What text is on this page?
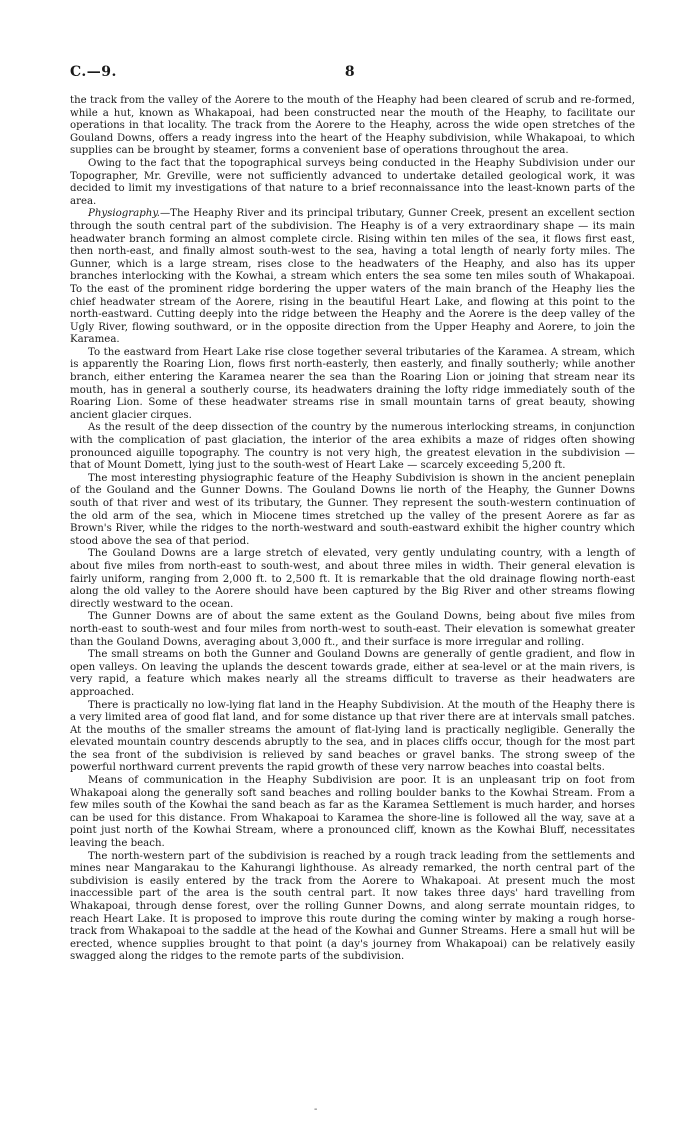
C.—9.	8

the track from the valley of the Aorere to the mouth of the Heaphy had been cleared of scrub and re-formed, while a hut, known as Whakapoai, had been constructed near the mouth of the Heaphy, to facilitate our operations in that locality. The track from the Aorere to the Heaphy, across the wide open stretches of the Gouland Downs, offers a ready ingress into the heart of the Heaphy subdivision, while Whakapoai, to which supplies can be brought by steamer, forms a convenient base of operations throughout the area.

Owing to the fact that the topographical surveys being conducted in the Heaphy Subdivision under our Topographer, Mr. Greville, were not sufficiently advanced to undertake detailed geological work, it was decided to limit my investigations of that nature to a brief reconnaissance into the least-known parts of the area.

Physiography.—The Heaphy River and its principal tributary, Gunner Creek, present an excellent section through the south central part of the subdivision. The Heaphy is of a very extraordinary shape — its main headwater branch forming an almost complete circle. Rising within ten miles of the sea, it flows first east, then north-east, and finally almost south-west to the sea, having a total length of nearly forty miles. The Gunner, which is a large stream, rises close to the headwaters of the Heaphy, and also has its upper branches interlocking with the Kowhai, a stream which enters the sea some ten miles south of Whakapoai. To the east of the prominent ridge bordering the upper waters of the main branch of the Heaphy lies the chief headwater stream of the Aorere, rising in the beautiful Heart Lake, and flowing at this point to the north-eastward. Cutting deeply into the ridge between the Heaphy and the Aorere is the deep valley of the Ugly River, flowing southward, or in the opposite direction from the Upper Heaphy and Aorere, to join the Karamea.

To the eastward from Heart Lake rise close together several tributaries of the Karamea. A stream, which is apparently the Roaring Lion, flows first north-easterly, then easterly, and finally southerly; while another branch, either entering the Karamea nearer the sea than the Roaring Lion or joining that stream near its mouth, has in general a southerly course, its headwaters draining the lofty ridge immediately south of the Roaring Lion. Some of these headwater streams rise in small mountain tarns of great beauty, showing ancient glacier cirques.

As the result of the deep dissection of the country by the numerous interlocking streams, in conjunction with the complication of past glaciation, the interior of the area exhibits a maze of ridges often showing pronounced aiguille topography. The country is not very high, the greatest elevation in the subdivision — that of Mount Domett, lying just to the south-west of Heart Lake — scarcely exceeding 5,200 ft.

The most interesting physiographic feature of the Heaphy Subdivision is shown in the ancient peneplain of the Gouland and the Gunner Downs. The Gouland Downs lie north of the Heaphy, the Gunner Downs south of that river and west of its tributary, the Gunner. They represent the south-western continuation of the old arm of the sea, which in Miocene times stretched up the valley of the present Aorere as far as Brown's River, while the ridges to the north-westward and south-eastward exhibit the higher country which stood above the sea of that period.

The Gouland Downs are a large stretch of elevated, very gently undulating country, with a length of about five miles from north-east to south-west, and about three miles in width. Their general elevation is fairly uniform, ranging from 2,000 ft. to 2,500 ft. It is remarkable that the old drainage flowing north-east along the old valley to the Aorere should have been captured by the Big River and other streams flowing directly westward to the ocean.

The Gunner Downs are of about the same extent as the Gouland Downs, being about five miles from north-east to south-west and four miles from north-west to south-east. Their elevation is somewhat greater than the Gouland Downs, averaging about 3,000 ft., and their surface is more irregular and rolling.

The small streams on both the Gunner and Gouland Downs are generally of gentle gradient, and flow in open valleys. On leaving the uplands the descent towards grade, either at sea-level or at the main rivers, is very rapid, a feature which makes nearly all the streams difficult to traverse as their headwaters are approached.

There is practically no low-lying flat land in the Heaphy Subdivision. At the mouth of the Heaphy there is a very limited area of good flat land, and for some distance up that river there are at intervals small patches. At the mouths of the smaller streams the amount of flat-lying land is practically negligible. Generally the elevated mountain country descends abruptly to the sea, and in places cliffs occur, though for the most part the sea front of the subdivision is relieved by sand beaches or gravel banks. The strong sweep of the powerful northward current prevents the rapid growth of these very narrow beaches into coastal belts.

Means of communication in the Heaphy Subdivision are poor. It is an unpleasant trip on foot from Whakapoai along the generally soft sand beaches and rolling boulder banks to the Kowhai Stream. From a few miles south of the Kowhai the sand beach as far as the Karamea Settlement is much harder, and horses can be used for this distance. From Whakapoai to Karamea the shore-line is followed all the way, save at a point just north of the Kowhai Stream, where a pronounced cliff, known as the Kowhai Bluff, necessitates leaving the beach.

The north-western part of the subdivision is reached by a rough track leading from the settlements and mines near Mangarakau to the Kahurangi lighthouse. As already remarked, the north central part of the subdivision is easily entered by the track from the Aorere to Whakapoai. At present much the most inaccessible part of the area is the south central part. It now takes three days' hard travelling from Whakapoai, through dense forest, over the rolling Gunner Downs, and along serrate mountain ridges, to reach Heart Lake. It is proposed to improve this route during the coming winter by making a rough horse-track from Whakapoai to the saddle at the head of the Kowhai and Gunner Streams. Here a small hut will be erected, whence supplies brought to that point (a day's journey from Whakapoai) can be relatively easily swagged along the ridges to the remote parts of the subdivision.

-
